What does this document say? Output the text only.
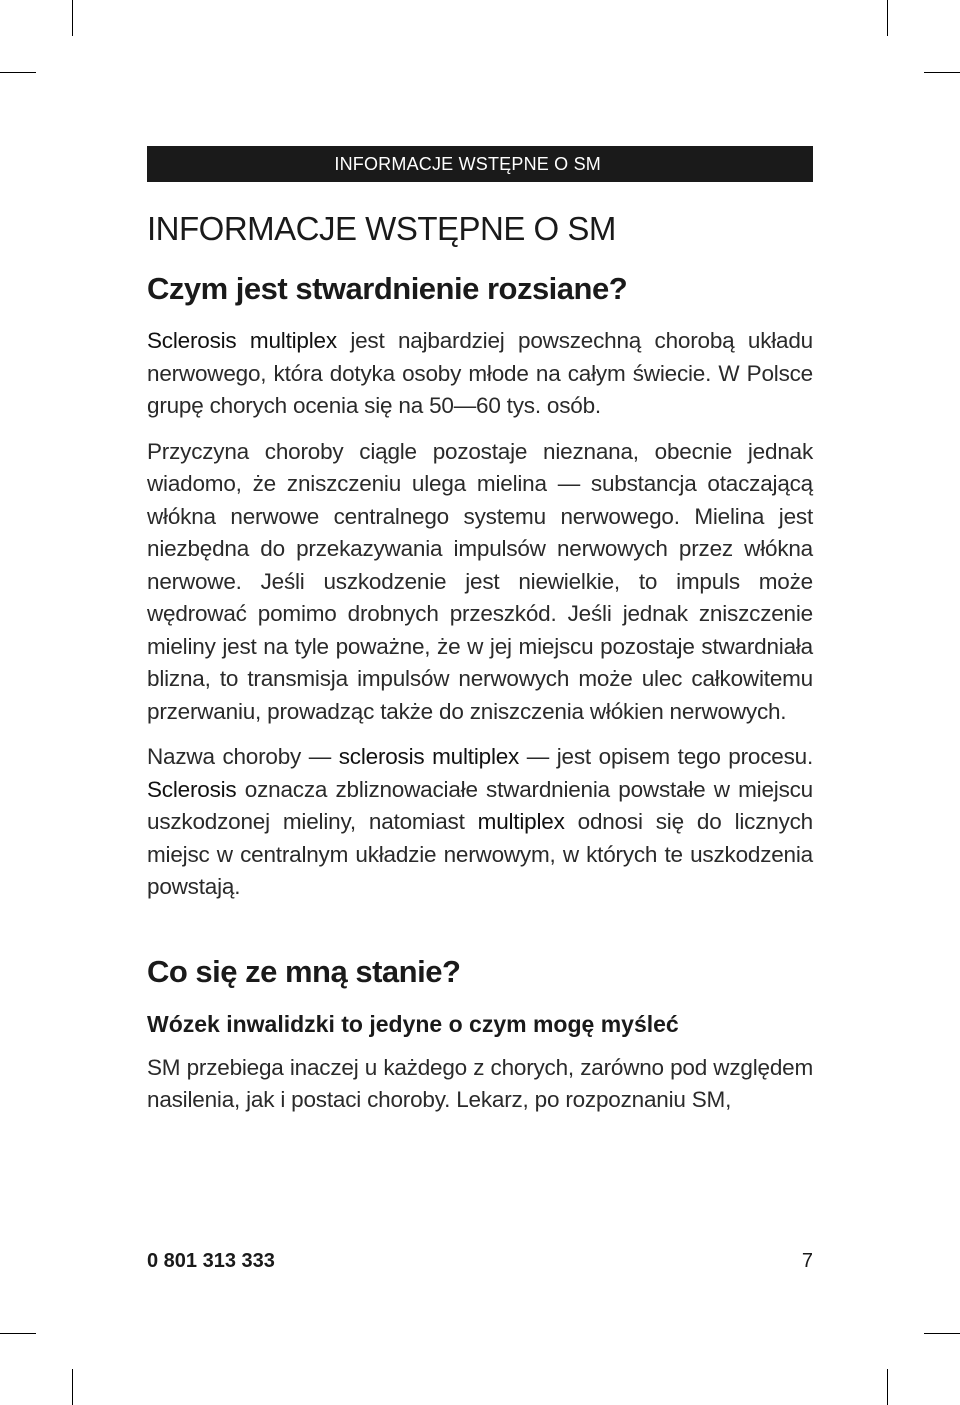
INFORMACJE WSTĘPNE O SM
INFORMACJE WSTĘPNE O SM
Czym jest stwardnienie rozsiane?

Sclerosis multiplex jest najbardziej powszechną chorobą układu nerwowego, która dotyka osoby młode na całym świecie. W Polsce grupę chorych ocenia się na 50—60 tys. osób.

Przyczyna choroby ciągle pozostaje nieznana, obecnie jednak wiadomo, że zniszczeniu ulega mielina — substancja otaczającą włókna nerwowe centralnego systemu nerwowego. Mielina jest niezbędna do przekazywania impulsów nerwowych przez włókna nerwowe. Jeśli uszkodzenie jest niewielkie, to impuls może wędrować pomimo drobnych przeszkód. Jeśli jednak zniszczenie mieliny jest na tyle poważne, że w jej miejscu pozostaje stwardniała blizna, to transmisja impulsów nerwowych może ulec całkowitemu przerwaniu, prowadząc także do zniszczenia włókien nerwowych.

Nazwa choroby — sclerosis multiplex — jest opisem tego procesu. Sclerosis oznacza zbliznowaciałe stwardnienia powstałe w miejscu uszkodzonej mieliny, natomiast multiplex odnosi się do licznych miejsc w centralnym układzie nerwowym, w których te uszkodzenia powstają.

Co się ze mną stanie?
Wózek inwalidzki to jedyne o czym mogę myśleć

SM przebiega inaczej u każdego z chorych, zarówno pod względem nasilenia, jak i postaci choroby. Lekarz, po rozpoznaniu SM,

0 801 313 333	7
